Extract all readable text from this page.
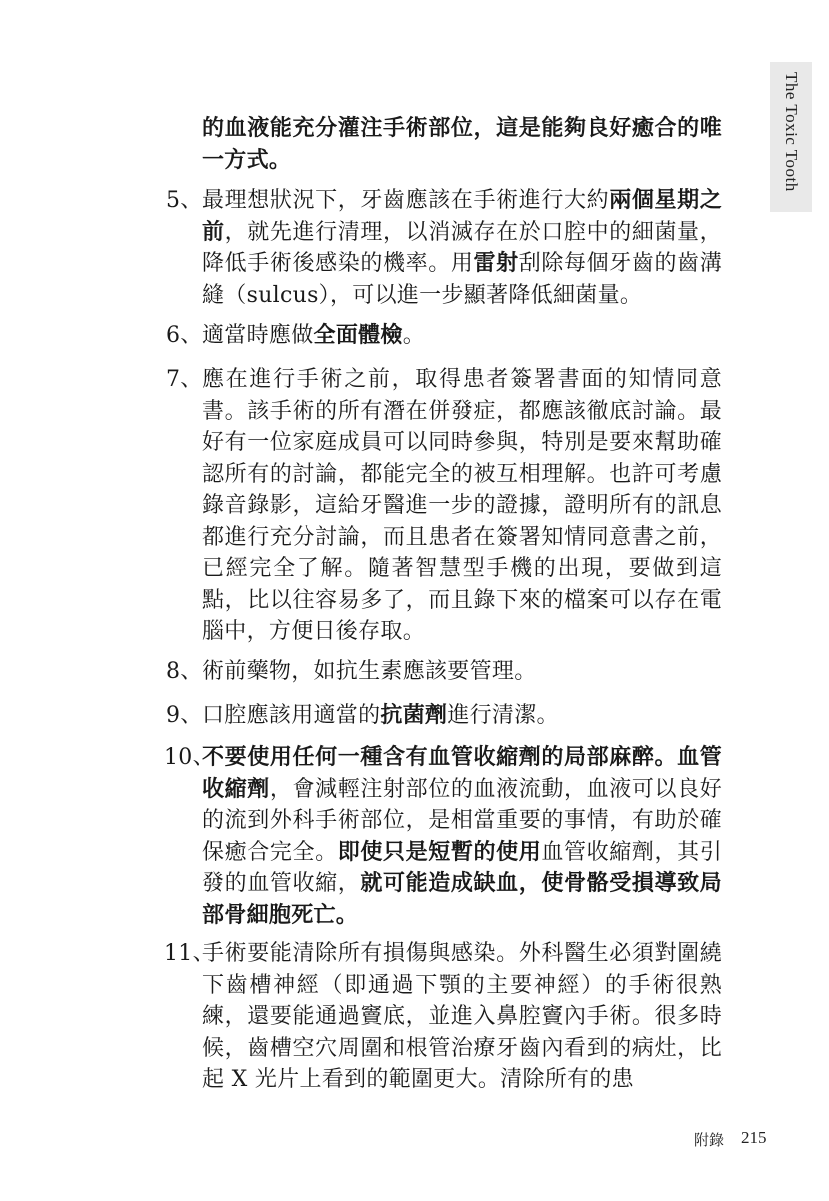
The Toxic Tooth
的血液能充分灌注手術部位，這是能夠良好癒合的唯一方式。
5、 最理想狀況下，牙齒應該在手術進行大約兩個星期之前，就先進行清理，以消滅存在於口腔中的細菌量，降低手術後感染的機率。用雷射刮除每個牙齒的齒溝縫（sulcus），可以進一步顯著降低細菌量。
6、 適當時應做全面體檢。
7、 應在進行手術之前，取得患者簽署書面的知情同意書。該手術的所有潛在併發症，都應該徹底討論。最好有一位家庭成員可以同時參與，特別是要來幫助確認所有的討論，都能完全的被互相理解。也許可考慮錄音錄影，這給牙醫進一步的證據，證明所有的訊息都進行充分討論，而且患者在簽署知情同意書之前，已經完全了解。隨著智慧型手機的出現，要做到這點，比以往容易多了，而且錄下來的檔案可以存在電腦中，方便日後存取。
8、 術前藥物，如抗生素應該要管理。
9、 口腔應該用適當的抗菌劑進行清潔。
10、
不要使用任何一種含有血管收縮劑的局部麻醉。血管收縮劑，會減輕注射部位的血液流動，血液可以良好的流到外科手術部位，是相當重要的事情，有助於確保癒合完全。即使只是短暫的使用血管收縮劑，其引發的血管收縮，就可能造成缺血，使骨骼受損導致局部骨細胞死亡。
11、
手術要能清除所有損傷與感染。外科醫生必須對圍繞下齒槽神經（即通過下顎的主要神經）的手術很熟練，還要能通過竇底，並進入鼻腔竇內手術。很多時候，齒槽空穴周圍和根管治療牙齒內看到的病灶，比起 X 光片上看到的範圍更大。清除所有的患
附錄 215
